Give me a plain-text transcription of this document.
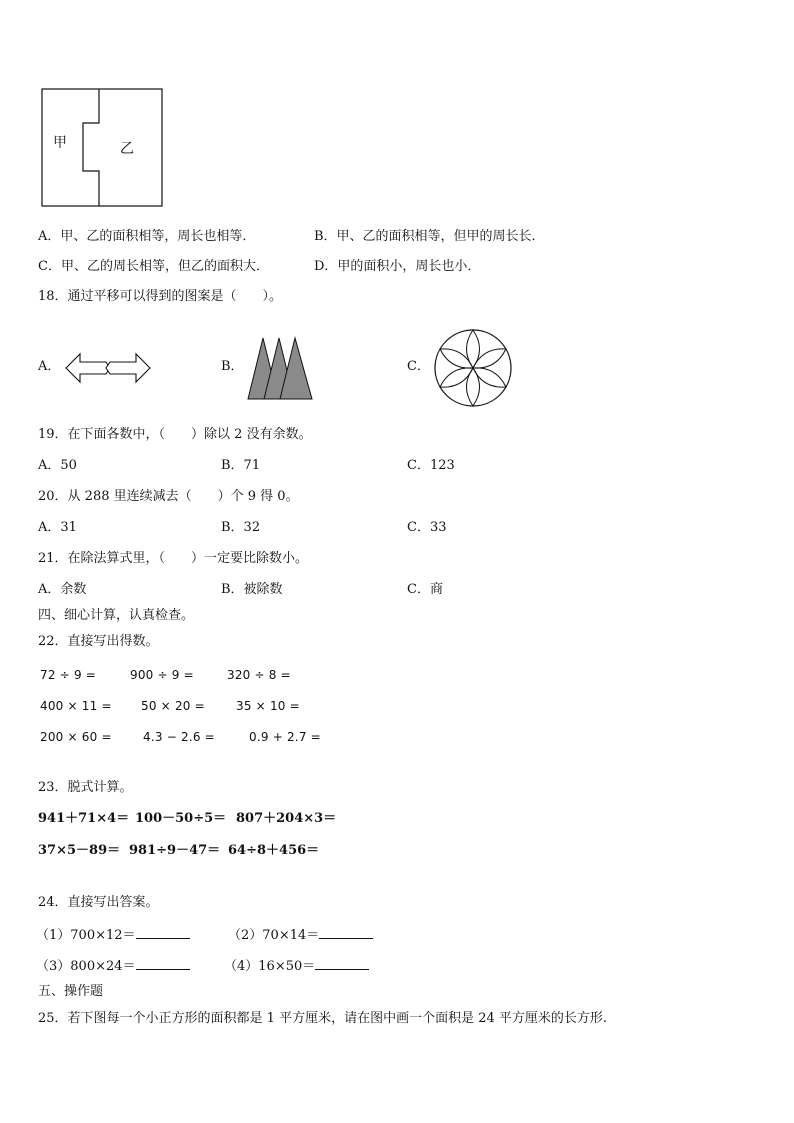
甲	乙
A．甲、乙的面积相等，周长也相等．	B．甲、乙的面积相等，但甲的周长长．
C．甲、乙的周长相等，但乙的面积大．	D．甲的面积小，周长也小．
18．通过平移可以得到的图案是（　　）。
A．	B．	C．
19．在下面各数中，（　　）除以 2 没有余数。
A．50	B．71	C．123
20．从 288 里连续减去（　　）个 9 得 0。
A．31	B．32	C．33
21．在除法算式里，（　　）一定要比除数小。
A．余数	B．被除数	C．商
四、细心计算，认真检查。
22．直接写出得数。
72 ÷ 9 =	900 ÷ 9 =	320 ÷ 8 =
400 × 11 = 50 × 20 =	35 × 10 =
200 × 60 =	4.3 − 2.6 =	0.9 + 2.7 =
23．脱式计算。
941＋71×4＝ 100－50÷5＝ 807＋204×3＝
37×5－89＝ 981÷9－47＝ 64÷8＋456＝
24．直接写出答案。
（1）700×12＝	（2）70×14＝
（3）800×24＝	（4）16×50＝
五、操作题
25．若下图每一个小正方形的面积都是 1 平方厘米，请在图中画一个面积是 24 平方厘米的长方形.
